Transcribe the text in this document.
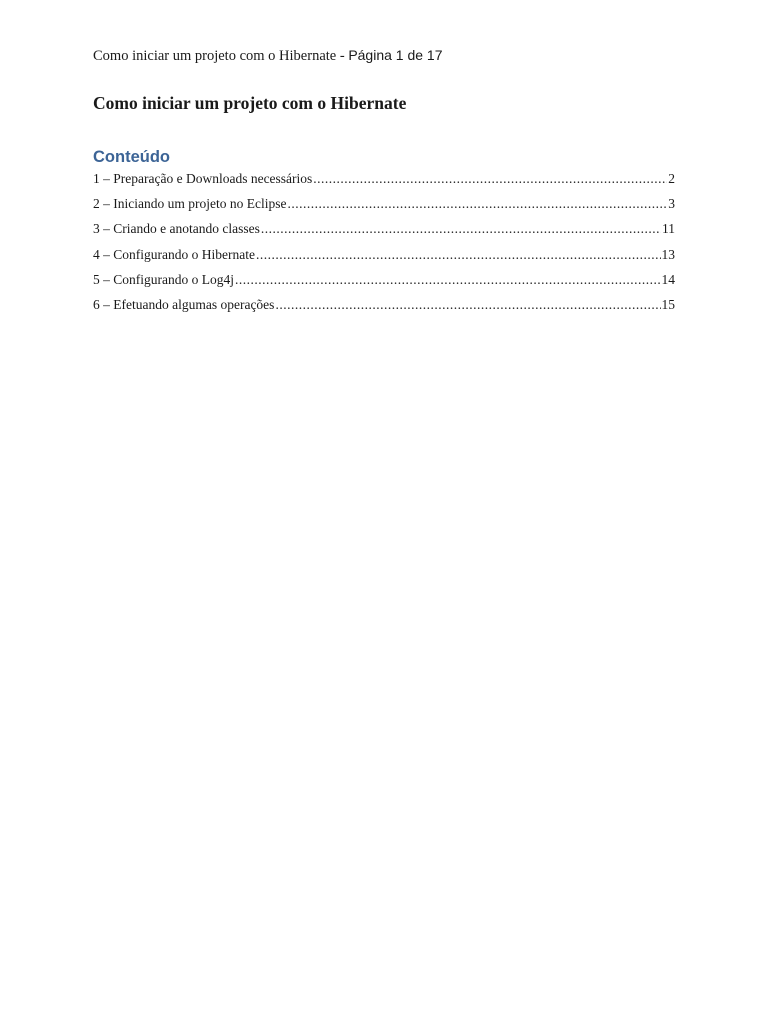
Como iniciar um projeto com o Hibernate - Página 1 de 17
Como iniciar um projeto com o Hibernate
Conteúdo
1 – Preparação e Downloads necessários .....	2
2 – Iniciando um projeto no Eclipse .....	3
3 – Criando e anotando classes .....	11
4 – Configurando o Hibernate .....	13
5 – Configurando o Log4j .....	14
6 – Efetuando algumas operações .....	15
